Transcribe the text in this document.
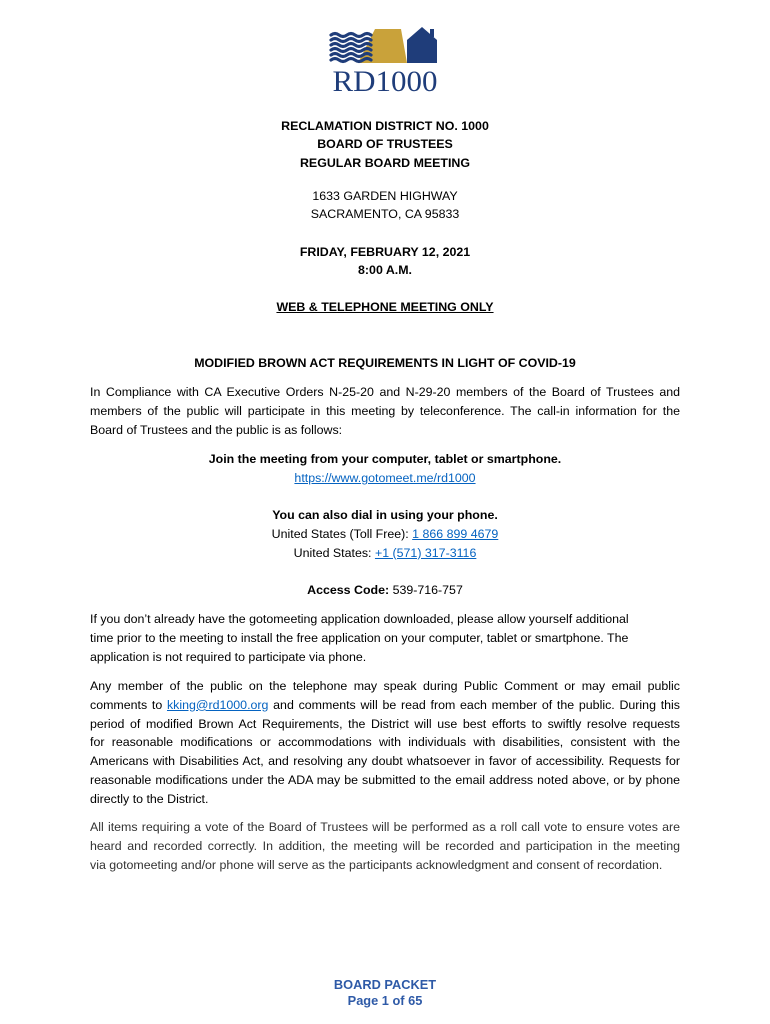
RD1000
RECLAMATION DISTRICT NO. 1000
BOARD OF TRUSTEES
REGULAR BOARD MEETING
1633 GARDEN HIGHWAY
SACRAMENTO, CA 95833
FRIDAY, FEBRUARY 12, 2021
8:00 A.M.
WEB & TELEPHONE MEETING ONLY
MODIFIED BROWN ACT REQUIREMENTS IN LIGHT OF COVID-19
In Compliance with CA Executive Orders N-25-20 and N-29-20 members of the Board of Trustees and
members of the public will participate in this meeting by teleconference. The call-in information for the
Board of Trustees and the public is as follows:
Join the meeting from your computer, tablet or smartphone.
https://www.gotomeet.me/rd1000
You can also dial in using your phone.
United States (Toll Free): 1 866 899 4679
United States: +1 (571) 317-3116
Access Code: 539-716-757
If you don’t already have the gotomeeting application downloaded, please allow yourself additional
time prior to the meeting to install the free application on your computer, tablet or smartphone. The
application is not required to participate via phone.
Any member of the public on the telephone may speak during Public Comment or may email public
comments to kking@rd1000.org and comments will be read from each member of the public. During this
period of modified Brown Act Requirements, the District will use best efforts to swiftly resolve requests
for reasonable modifications or accommodations with individuals with disabilities, consistent with the
Americans with Disabilities Act, and resolving any doubt whatsoever in favor of accessibility. Requests for
reasonable modifications under the ADA may be submitted to the email address noted above, or by phone
directly to the District.
All items requiring a vote of the Board of Trustees will be performed as a roll call vote to ensure votes are
heard and recorded correctly. In addition, the meeting will be recorded and participation in the meeting
via gotomeeting and/or phone will serve as the participants acknowledgment and consent of recordation.
BOARD PACKET
Page 1 of 65
